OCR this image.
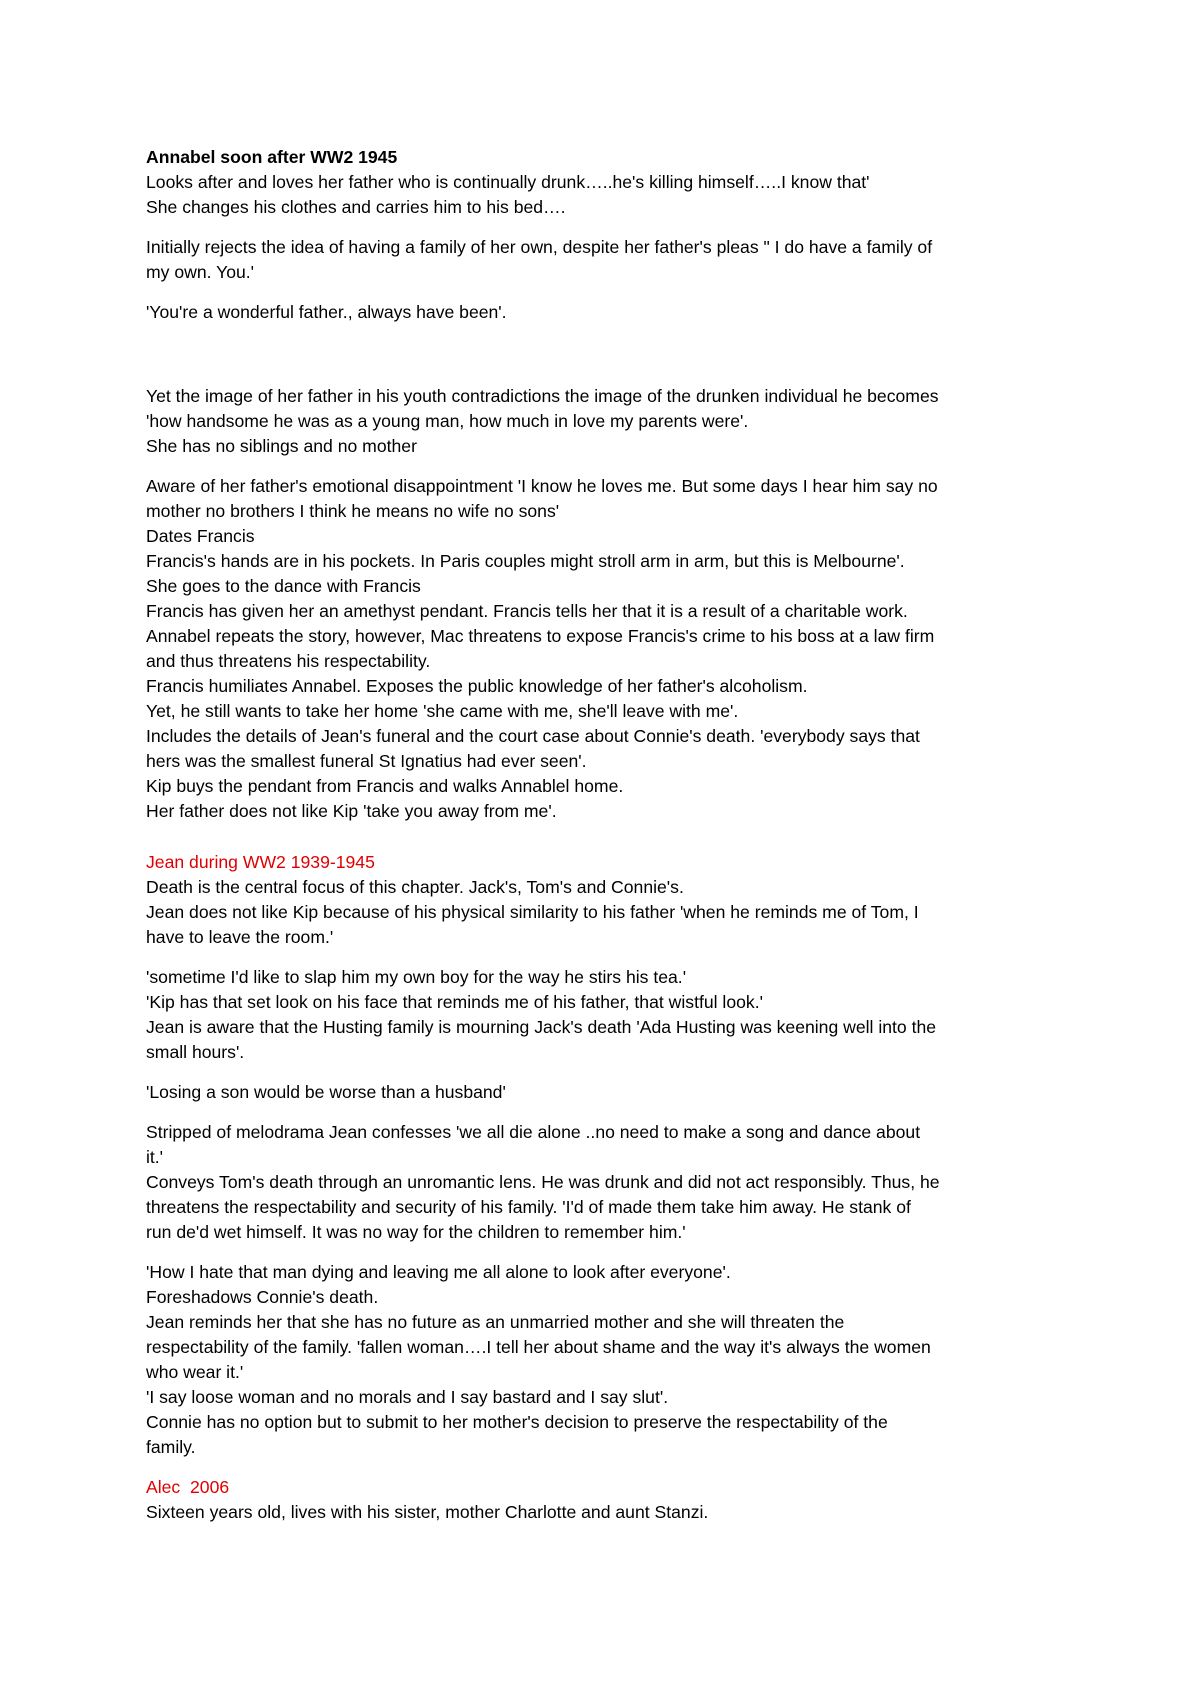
Annabel soon after WW2 1945
Looks after and loves her father who is continually drunk…..he's killing himself…..I know that'
She changes his clothes and carries him to his bed….
Initially rejects the idea of having a family of her own, despite her father's pleas " I do have a family of
my own. You.'
'You're a wonderful father., always have been'.
Yet the image of her father in his youth contradictions the image of the drunken individual he becomes
'how handsome he was as a young man, how much in love my parents were'.
She has no siblings and no mother
Aware of her father's emotional disappointment 'I know he loves me. But some days I hear him say no
mother no brothers I think he means no wife no sons'
Dates Francis
Francis's hands are in his pockets. In Paris couples might stroll arm in arm, but this is Melbourne'.
She goes to the dance with Francis
Francis has given her an amethyst pendant. Francis tells her that it is a result of a charitable work.
Annabel repeats the story, however, Mac threatens to expose Francis's crime to his boss at a law firm
and thus threatens his respectability.
Francis humiliates Annabel. Exposes the public knowledge of her father's alcoholism.
Yet, he still wants to take her home 'she came with me, she'll leave with me'.
Includes the details of Jean's funeral and the court case about Connie's death. 'everybody says that
hers was the smallest funeral St Ignatius had ever seen'.
Kip buys the pendant from Francis and walks Annablel home.
Her father does not like Kip 'take you away from me'.
Jean during WW2 1939-1945
Death is the central focus of this chapter. Jack's, Tom's and Connie's.
Jean does not like Kip because of his physical similarity to his father 'when he reminds me of Tom, I
have to leave the room.'
'sometime I'd like to slap him my own boy for the way he stirs his tea.'
'Kip has that set look on his face that reminds me of his father, that wistful look.'
Jean is aware that the Husting family is mourning Jack's death 'Ada Husting was keening well into the
small hours'.
'Losing a son would be worse than a husband'
Stripped of melodrama Jean confesses 'we all die alone ..no need to make a song and dance about
it.'
Conveys Tom's death through an unromantic lens. He was drunk and did not act responsibly. Thus, he
threatens the respectability and security of his family. 'I'd of made them take him away. He stank of
run de'd wet himself. It was no way for the children to remember him.'
'How I hate that man dying and leaving me all alone to look after everyone'.
Foreshadows Connie's death.
Jean reminds her that she has no future as an unmarried mother and she will threaten the
respectability of the family. 'fallen woman….I tell her about shame and the way it's always the women
who wear it.'
'I say loose woman and no morals and I say bastard and I say slut'.
Connie has no option but to submit to her mother's decision to preserve the respectability of the
family.
Alec  2006
Sixteen years old, lives with his sister, mother Charlotte and aunt Stanzi.
